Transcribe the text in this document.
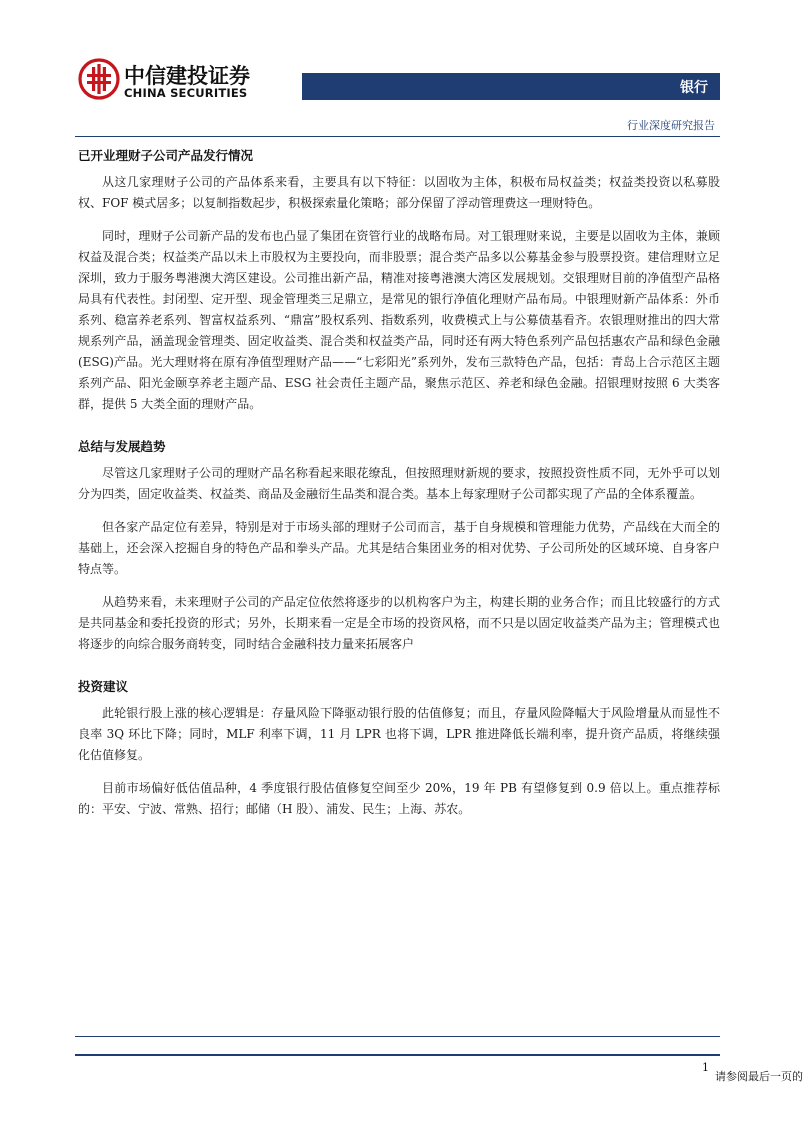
中信建投证券
CHINA SECURITIES	银行
行业深度研究报告
已开业理财子公司产品发行情况

从这几家理财子公司的产品体系来看，主要具有以下特征：以固收为主体，积极布局权益类；权益类投资以私募股权、FOF 模式居多；以复制指数起步，积极探索量化策略；部分保留了浮动管理费这一理财特色。

同时，理财子公司新产品的发布也凸显了集团在资管行业的战略布局。对工银理财来说，主要是以固收为主体，兼顾权益及混合类；权益类产品以未上市股权为主要投向，而非股票；混合类产品多以公募基金参与股票投资。建信理财立足深圳，致力于服务粤港澳大湾区建设。公司推出新产品，精准对接粤港澳大湾区发展规划。交银理财目前的净值型产品格局具有代表性。封闭型、定开型、现金管理类三足鼎立，是常见的银行净值化理财产品布局。中银理财新产品体系：外币系列、稳富养老系列、智富权益系列、“鼎富”股权系列、指数系列，收费模式上与公募债基看齐。农银理财推出的四大常规系列产品，涵盖现金管理类、固定收益类、混合类和权益类产品，同时还有两大特色系列产品包括惠农产品和绿色金融(ESG)产品。光大理财将在原有净值型理财产品——“七彩阳光”系列外，发布三款特色产品，包括：青岛上合示范区主题系列产品、阳光金颐享养老主题产品、ESG 社会责任主题产品，聚焦示范区、养老和绿色金融。招银理财按照 6 大类客群，提供 5 大类全面的理财产品。

总结与发展趋势

尽管这几家理财子公司的理财产品名称看起来眼花缭乱，但按照理财新规的要求，按照投资性质不同，无外乎可以划分为四类，固定收益类、权益类、商品及金融衍生品类和混合类。基本上每家理财子公司都实现了产品的全体系覆盖。

但各家产品定位有差异，特别是对于市场头部的理财子公司而言，基于自身规模和管理能力优势，产品线在大而全的基础上，还会深入挖掘自身的特色产品和拳头产品。尤其是结合集团业务的相对优势、子公司所处的区域环境、自身客户特点等。

从趋势来看，未来理财子公司的产品定位依然将逐步的以机构客户为主，构建长期的业务合作；而且比较盛行的方式是共同基金和委托投资的形式；另外，长期来看一定是全市场的投资风格，而不只是以固定收益类产品为主；管理模式也将逐步的向综合服务商转变，同时结合金融科技力量来拓展客户

投资建议

此轮银行股上涨的核心逻辑是：存量风险下降驱动银行股的估值修复；而且，存量风险降幅大于风险增量从而显性不良率 3Q 环比下降；同时，MLF 利率下调，11 月 LPR 也将下调，LPR 推进降低长端利率，提升资产品质，将继续强化估值修复。

目前市场偏好低估值品种，4 季度银行股估值修复空间至少 20%，19 年 PB 有望修复到 0.9 倍以上。重点推荐标的：平安、宁波、常熟、招行；邮储（H 股）、浦发、民生；上海、苏农。

1
请参阅最后一页的
